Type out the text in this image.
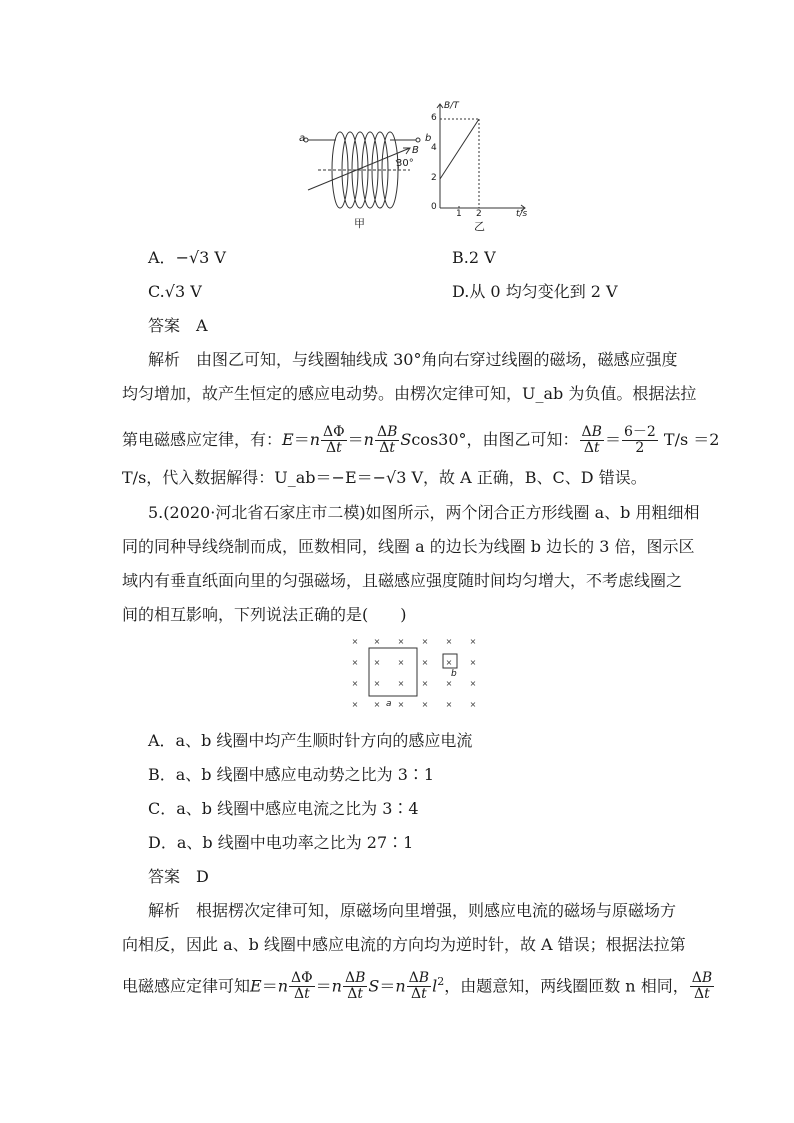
a	b
B
30°
甲
B/T
t/s
6
4
2
0
1 2
乙
A．−√3 V	B.2 V
C.√3 V	D.从 0 均匀变化到 2 V
答案　 A
解析　 由图乙可知，与线圈轴线成 30°角向右穿过线圈的磁场，磁感应强度
均匀增加，故产生恒定的感应电动势。由楞次定律可知，U_ab 为负值。根据法拉
第电磁感应定律，有：$E=n \frac{\Delta\Phi}{\Delta t} =n \frac{\Delta B}{\Delta t} Scos30^\circ$，由图乙可知： $\frac{\Delta B}{\Delta t} = \frac{6-2}{2} T/s =2$
T/s，代入数据解得：U_ab＝−E＝−√3 V，故 A 正确，B、C、D 错误。
5.(2020·河北省石家庄市二模)如图所示，两个闭合正方形线圈 a、b 用粗细相
同的同种导线绕制而成，匝数相同，线圈 a 的边长为线圈 b 边长的 3 倍，图示区
域内有垂直纸面向里的匀强磁场，且磁感应强度随时间均匀增大，不考虑线圈之
间的相互影响，下列说法正确的是(　　)
× × × × × ×
× × × × × ×
× × × × × ×
× × × × × ×
a
b
A．a、b 线圈中均产生顺时针方向的感应电流
B．a、b 线圈中感应电动势之比为 3∶1
C．a、b 线圈中感应电流之比为 3∶4
D．a、b 线圈中电功率之比为 27∶1
答案　 D
解析　 根据楞次定律可知，原磁场向里增强，则感应电流的磁场与原磁场方
向相反，因此 a、b 线圈中感应电流的方向均为逆时针，故 A 错误；根据法拉第
电磁感应定律可知$E=n \frac{\Delta\Phi}{\Delta t} =n \frac{\Delta B}{\Delta t} S=n \frac{\Delta B}{\Delta t} l^2$，由题意知，两线圈匝数 n 相同， $\frac{\Delta B}{\Delta t}$
